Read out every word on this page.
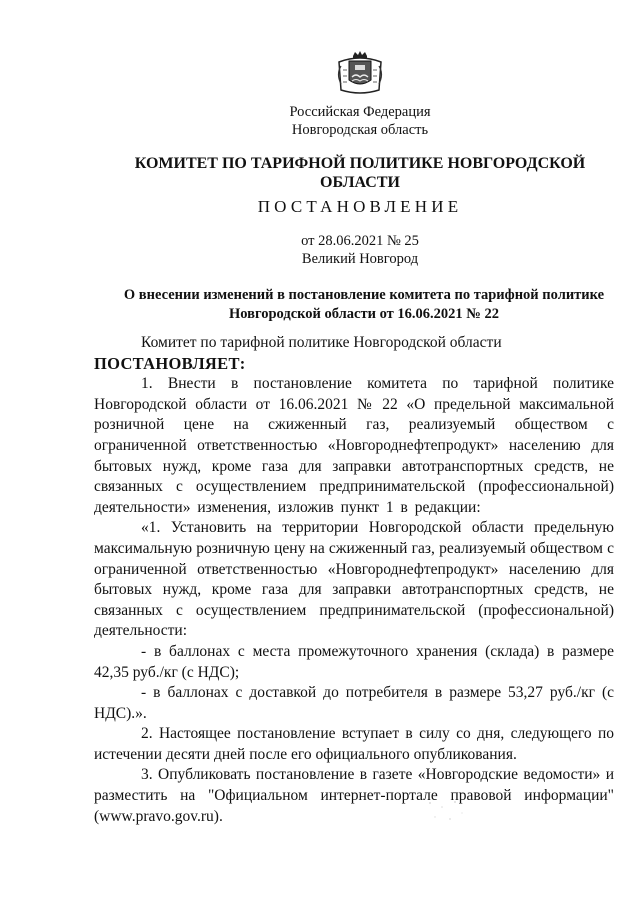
Российская Федерация

Новгородская область

КОМИТЕТ ПО ТАРИФНОЙ ПОЛИТИКЕ НОВГОРОДСКОЙ

ОБЛАСТИ

ПОСТАНОВЛЕНИЕ

от 28.06.2021 № 25

Великий Новгород

О внесении изменений в постановление комитета по тарифной политике

Новгородской области от 16.06.2021 № 22

Комитет по тарифной политике Новгородской области

ПОСТАНОВЛЯЕТ:

1. Внести в постановление комитета по тарифной политике Новгородской области от 16.06.2021 № 22 «О предельной максимальной розничной цене на сжиженный газ, реализуемый обществом с ограниченной ответственностью «Новгороднефтепродукт» населению для бытовых нужд, кроме газа для заправки автотранспортных средств, не связанных с осуществлением предпринимательской (профессиональной) деятельности» изменения, изложив пункт 1 в редакции:

«1. Установить на территории Новгородской области предельную максимальную розничную цену на сжиженный газ, реализуемый обществом с ограниченной ответственностью «Новгороднефтепродукт» населению для бытовых нужд, кроме газа для заправки автотранспортных средств, не связанных с осуществлением предпринимательской (профессиональной) деятельности:

- в баллонах с места промежуточного хранения (склада) в размере 42,35 руб./кг (с НДС);

- в баллонах с доставкой до потребителя в размере 53,27 руб./кг (с НДС).».

2. Настоящее постановление вступает в силу со дня, следующего по истечении десяти дней после его официального опубликования.

3. Опубликовать постановление в газете «Новгородские ведомости» и разместить на "Официальном интернет-портале правовой информации" (www.pravo.gov.ru).
